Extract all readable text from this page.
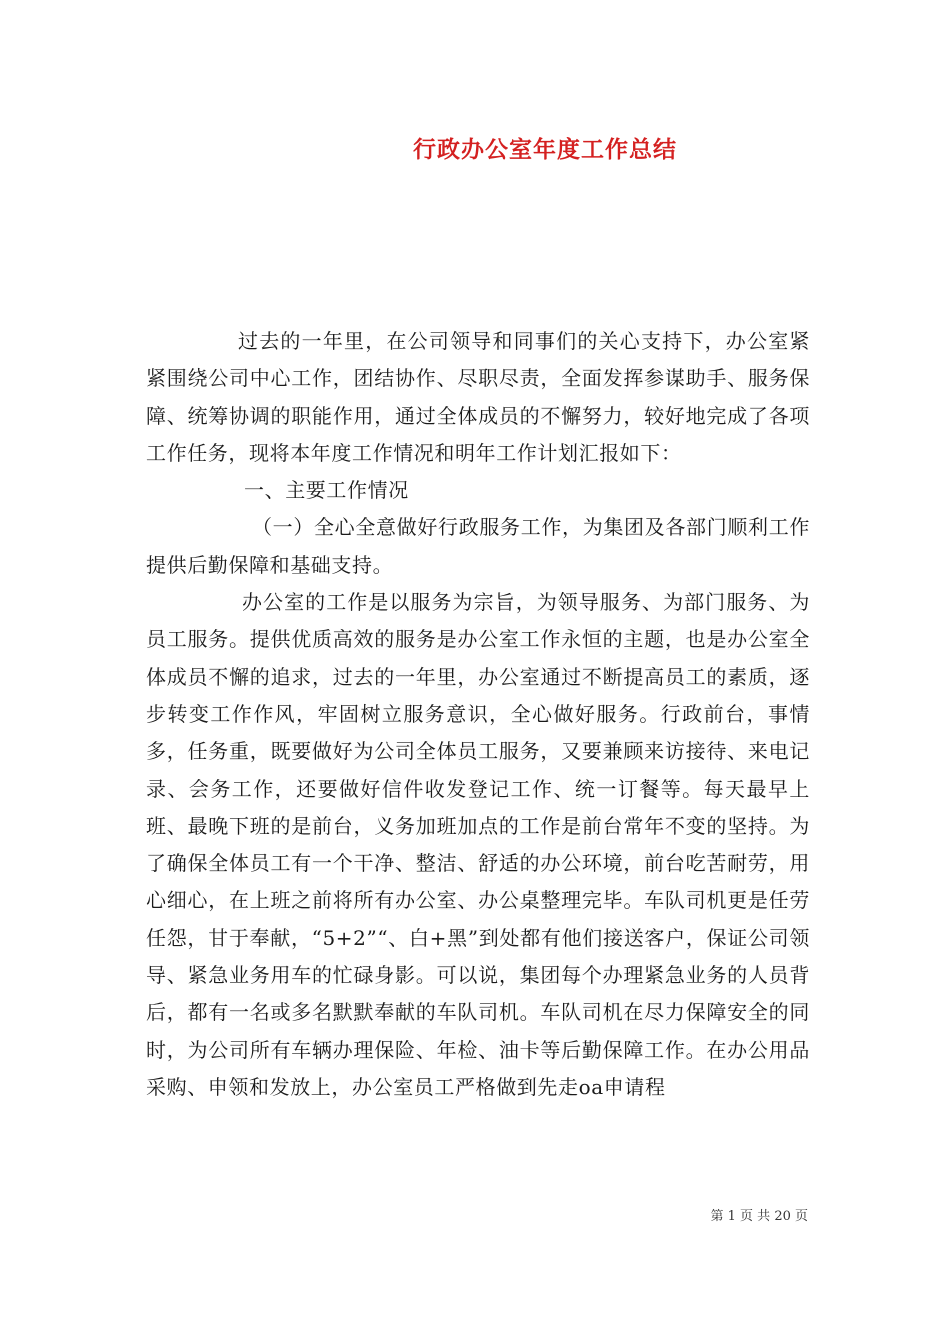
行政办公室年度工作总结

过去的一年里，在公司领导和同事们的关心支持下，办公室紧紧围绕公司中心工作，团结协作、尽职尽责，全面发挥参谋助手、服务保障、统筹协调的职能作用，通过全体成员的不懈努力，较好地完成了各项工作任务，现将本年度工作情况和明年工作计划汇报如下：

一、主要工作情况

（一）全心全意做好行政服务工作，为集团及各部门顺利工作提供后勤保障和基础支持。

办公室的工作是以服务为宗旨，为领导服务、为部门服务、为员工服务。提供优质高效的服务是办公室工作永恒的主题，也是办公室全体成员不懈的追求，过去的一年里，办公室通过不断提高员工的素质，逐步转变工作作风，牢固树立服务意识，全心做好服务。行政前台，事情多，任务重，既要做好为公司全体员工服务，又要兼顾来访接待、来电记录、会务工作，还要做好信件收发登记工作、统一订餐等。每天最早上班、最晚下班的是前台，义务加班加点的工作是前台常年不变的坚持。为了确保全体员工有一个干净、整洁、舒适的办公环境，前台吃苦耐劳，用心细心，在上班之前将所有办公室、办公桌整理完毕。车队司机更是任劳任怨，甘于奉献，“5+2”“、白+黑”到处都有他们接送客户，保证公司领导、紧急业务用车的忙碌身影。可以说，集团每个办理紧急业务的人员背后，都有一名或多名默默奉献的车队司机。车队司机在尽力保障安全的同时，为公司所有车辆办理保险、年检、油卡等后勤保障工作。在办公用品采购、申领和发放上，办公室员工严格做到先走oa申请程

第 1 页 共 20 页
